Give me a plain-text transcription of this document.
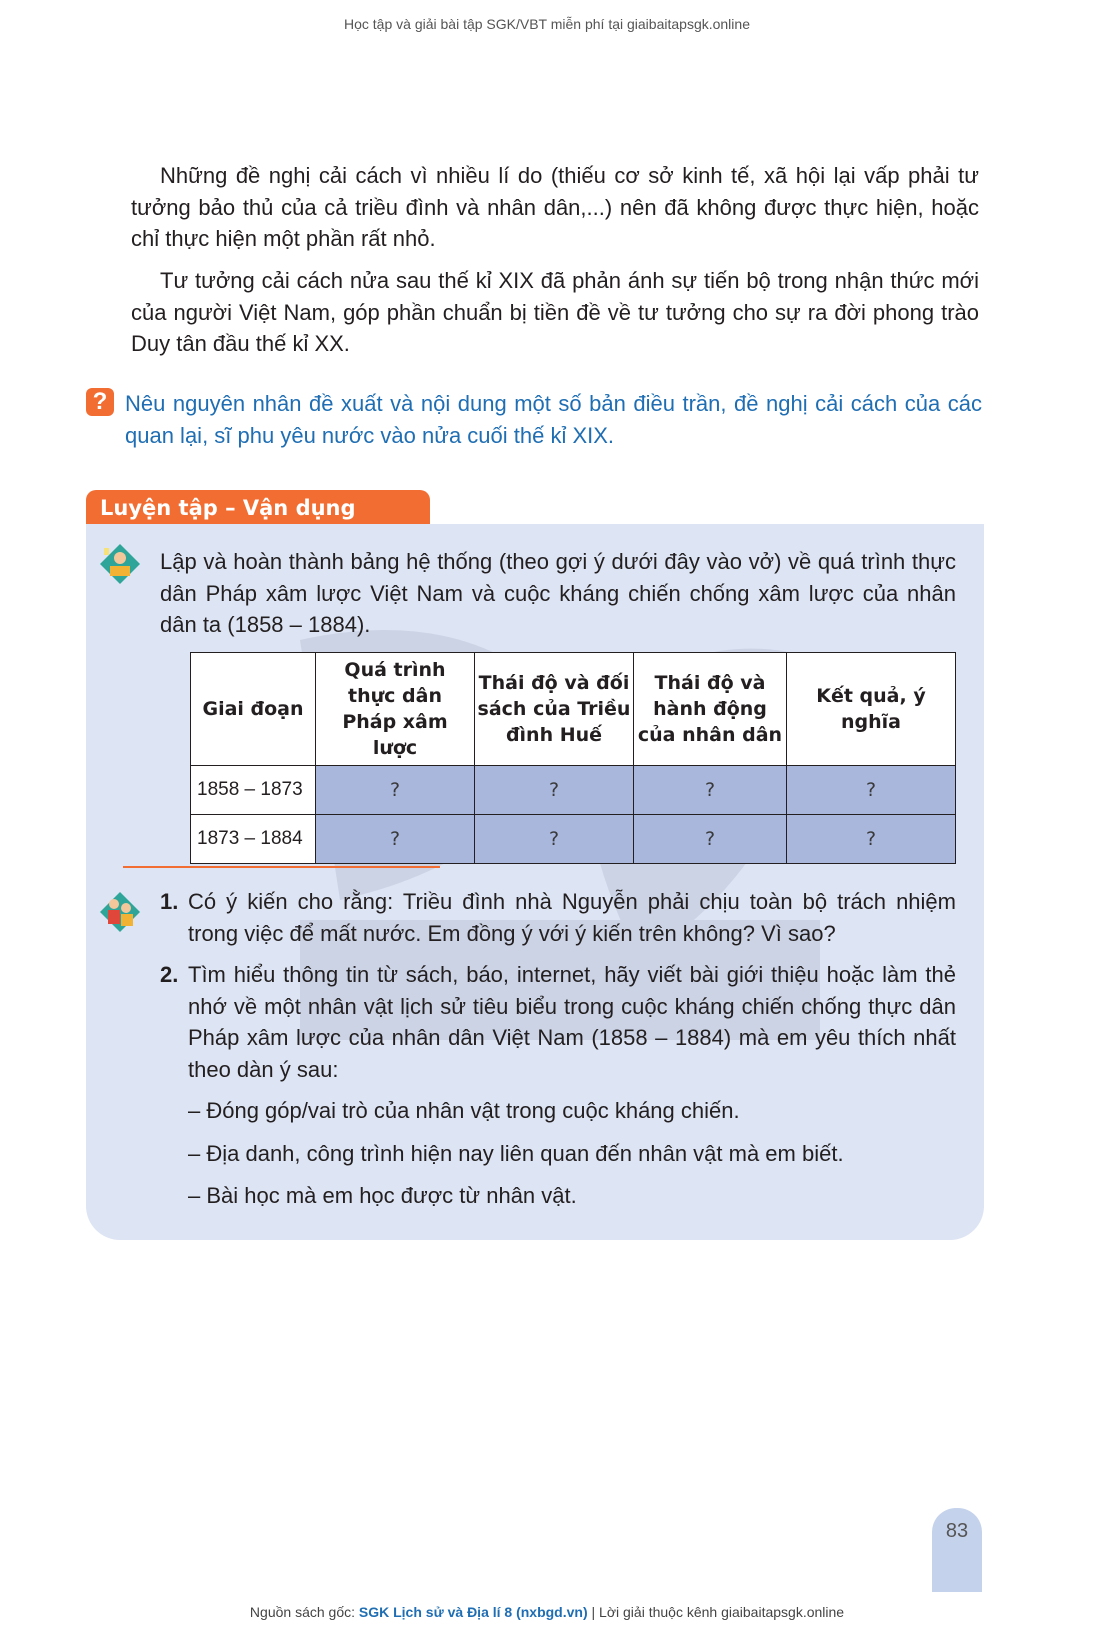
Học tập và giải bài tập SGK/VBT miễn phí tại giaibaitapsgk.online

Những đề nghị cải cách vì nhiều lí do (thiếu cơ sở kinh tế, xã hội lại vấp phải tư tưởng bảo thủ của cả triều đình và nhân dân,...) nên đã không được thực hiện, hoặc chỉ thực hiện một phần rất nhỏ.

Tư tưởng cải cách nửa sau thế kỉ XIX đã phản ánh sự tiến bộ trong nhận thức mới của người Việt Nam, góp phần chuẩn bị tiền đề về tư tưởng cho sự ra đời phong trào Duy tân đầu thế kỉ XX.

? Nêu nguyên nhân đề xuất và nội dung một số bản điều trần, đề nghị cải cách của các quan lại, sĩ phu yêu nước vào nửa cuối thế kỉ XIX.

Luyện tập – Vận dụng

Lập và hoàn thành bảng hệ thống (theo gợi ý dưới đây vào vở) về quá trình thực dân Pháp xâm lược Việt Nam và cuộc kháng chiến chống xâm lược của nhân dân ta (1858 – 1884).

Giai đoạn	Quá trình thực dân Pháp xâm lược	Thái độ và đối sách của Triều đình Huế	Thái độ và hành động của nhân dân	Kết quả, ý nghĩa
1858 – 1873	?	?	?	?
1873 – 1884	?	?	?	?
1. Có ý kiến cho rằng: Triều đình nhà Nguyễn phải chịu toàn bộ trách nhiệm trong việc để mất nước. Em đồng ý với ý kiến trên không? Vì sao?
2. Tìm hiểu thông tin từ sách, báo, internet, hãy viết bài giới thiệu hoặc làm thẻ nhớ về một nhân vật lịch sử tiêu biểu trong cuộc kháng chiến chống thực dân Pháp xâm lược của nhân dân Việt Nam (1858 – 1884) mà em yêu thích nhất theo dàn ý sau:
– Đóng góp/vai trò của nhân vật trong cuộc kháng chiến.
– Địa danh, công trình hiện nay liên quan đến nhân vật mà em biết.
– Bài học mà em học được từ nhân vật.
83
Nguồn sách gốc: SGK Lịch sử và Địa lí 8 (nxbgd.vn) | Lời giải thuộc kênh giaibaitapsgk.online
